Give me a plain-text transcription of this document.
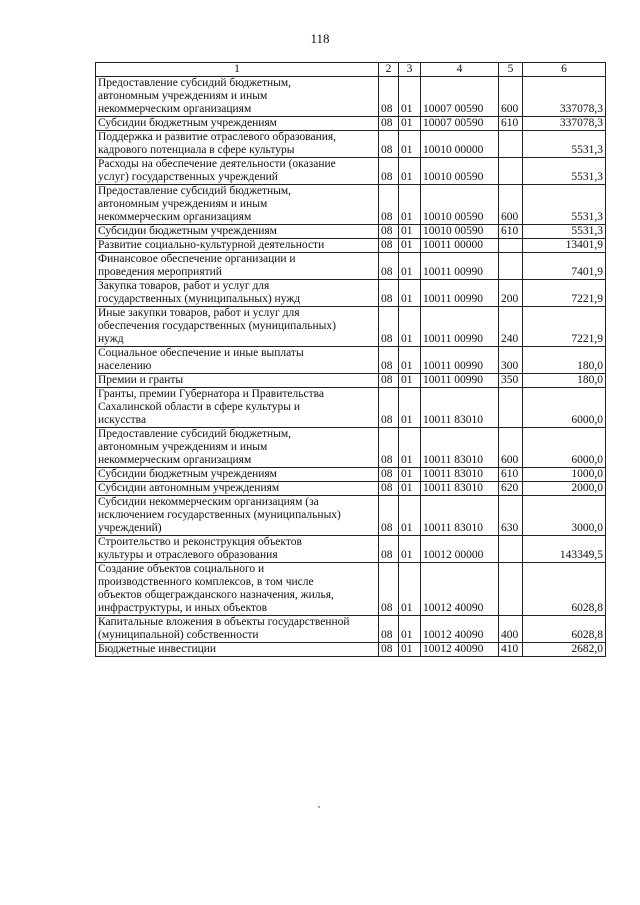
118
1	2	3	4	5	6
Предоставление субсидий бюджетным,
автономным учреждениям и иным
некоммерческим организациям	08	01	10007 00590	600	337078,3
Субсидии бюджетным учреждениям	08	01	10007 00590	610	337078,3
Поддержка и развитие отраслевого образования,
кадрового потенциала в сфере культуры	08	01	10010 00000		5531,3
Расходы на обеспечение деятельности (оказание
услуг) государственных учреждений	08	01	10010 00590		5531,3
Предоставление субсидий бюджетным,
автономным учреждениям и иным
некоммерческим организациям	08	01	10010 00590	600	5531,3
Субсидии бюджетным учреждениям	08	01	10010 00590	610	5531,3
Развитие социально-культурной деятельности	08	01	10011 00000		13401,9
Финансовое обеспечение организации и
проведения мероприятий	08	01	10011 00990		7401,9
Закупка товаров, работ и услуг для
государственных (муниципальных) нужд	08	01	10011 00990	200	7221,9
Иные закупки товаров, работ и услуг для
обеспечения государственных (муниципальных)
нужд	08	01	10011 00990	240	7221,9
Социальное обеспечение и иные выплаты
населению	08	01	10011 00990	300	180,0
Премии и гранты	08	01	10011 00990	350	180,0
Гранты, премии Губернатора и Правительства
Сахалинской области в сфере культуры и
искусства	08	01	10011 83010		6000,0
Предоставление субсидий бюджетным,
автономным учреждениям и иным
некоммерческим организациям	08	01	10011 83010	600	6000,0
Субсидии бюджетным учреждениям	08	01	10011 83010	610	1000,0
Субсидии автономным учреждениям	08	01	10011 83010	620	2000,0
Субсидии некоммерческим организациям (за
исключением государственных (муниципальных)
учреждений)	08	01	10011 83010	630	3000,0
Строительство и реконструкция объектов
культуры и отраслевого образования	08	01	10012 00000		143349,5
Создание объектов социального и
производственного комплексов, в том числе
объектов общегражданского назначения, жилья,
инфраструктуры, и иных объектов	08	01	10012 40090		6028,8
Капитальные вложения в объекты государственной
(муниципальной) собственности	08	01	10012 40090	400	6028,8
Бюджетные инвестиции	08	01	10012 40090	410	2682,0
